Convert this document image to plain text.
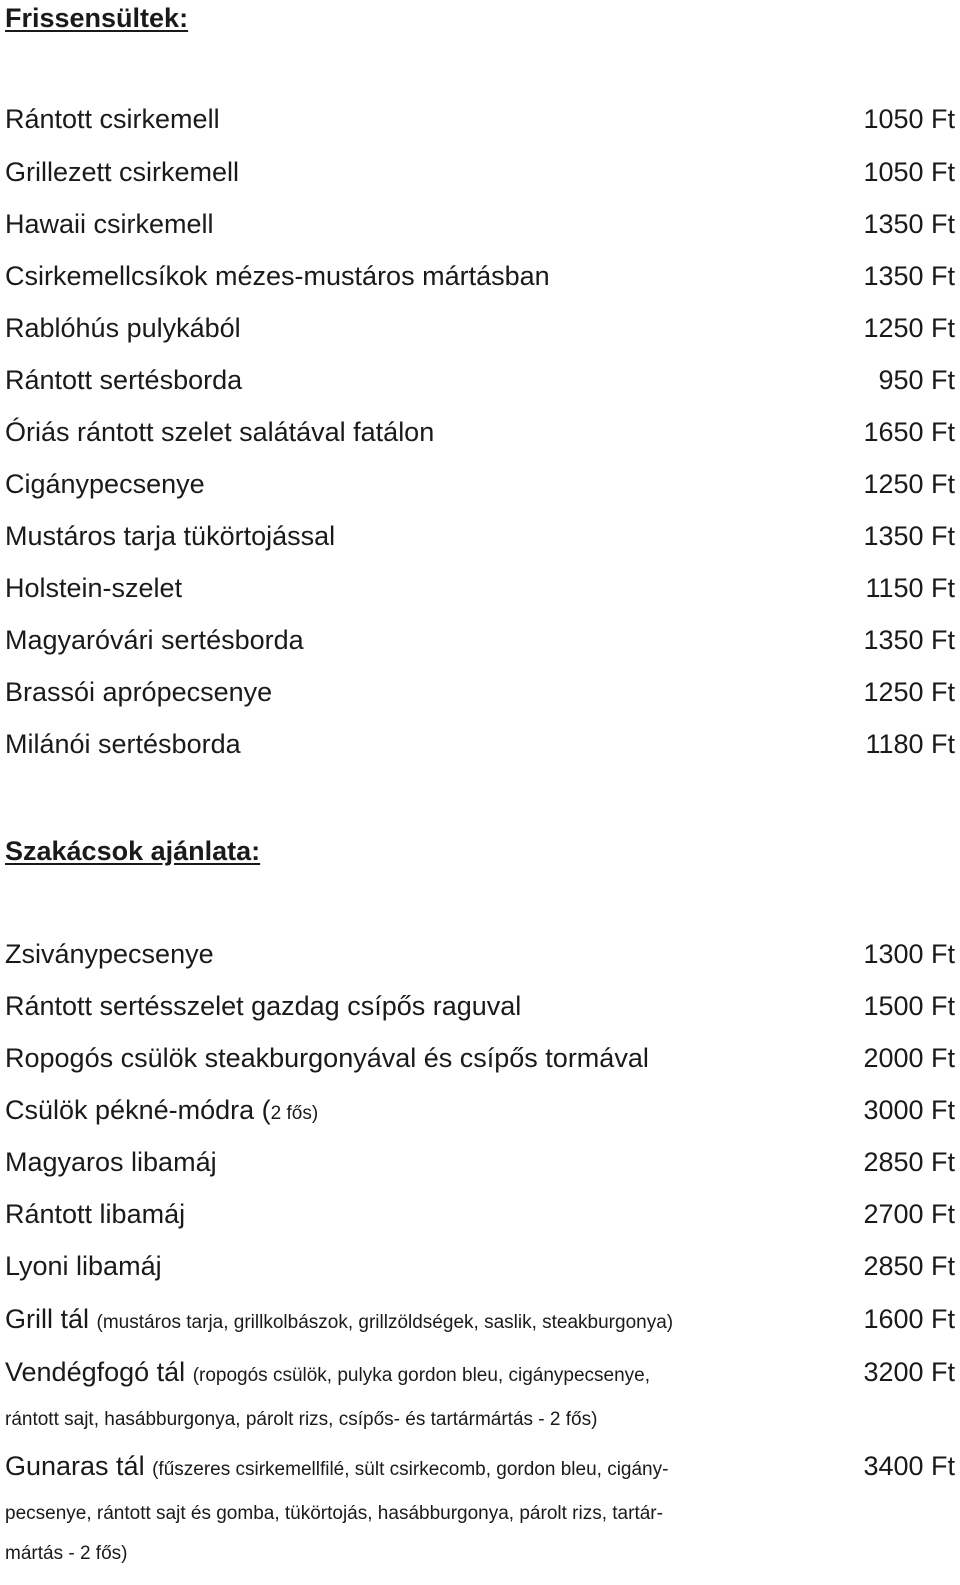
Frissensültek:
Rántott csirkemell	1050 Ft
Grillezett csirkemell	1050 Ft
Hawaii csirkemell	1350 Ft
Csirkemellcsíkok mézes-mustáros mártásban	1350 Ft
Rablóhús pulykából	1250 Ft
Rántott sertésborda	950 Ft
Óriás rántott szelet salátával fatálon	1650 Ft
Cigánypecsenye	1250 Ft
Mustáros tarja tükörtojással	1350 Ft
Holstein-szelet	1150 Ft
Magyaróvári sertésborda	1350 Ft
Brassói aprópecsenye	1250 Ft
Milánói sertésborda	1180 Ft
Szakácsok ajánlata:
Zsiványpecsenye	1300 Ft
Rántott sertésszelet gazdag csípős raguval	1500 Ft
Ropogós csülök steakburgonyával és csípős tormával	2000 Ft
Csülök pékné-módra (2 fős)	3000 Ft
Magyaros libamáj	2850 Ft
Rántott libamáj	2700 Ft
Lyoni libamáj	2850 Ft
Grill tál (mustáros tarja, grillkolbászok, grillzöldségek, saslik, steakburgonya)	1600 Ft
Vendégfogó tál (ropogós csülök, pulyka gordon bleu, cigánypecsenye,	3200 Ft
rántott sajt, hasábburgonya, párolt rizs, csípős- és tartármártás - 2 fős)
Gunaras tál (fűszeres csirkemellfilé, sült csirkecomb, gordon bleu, cigány-	3400 Ft
pecsenye, rántott sajt és gomba, tükörtojás, hasábburgonya, párolt rizs, tartár-
mártás - 2 fős)
